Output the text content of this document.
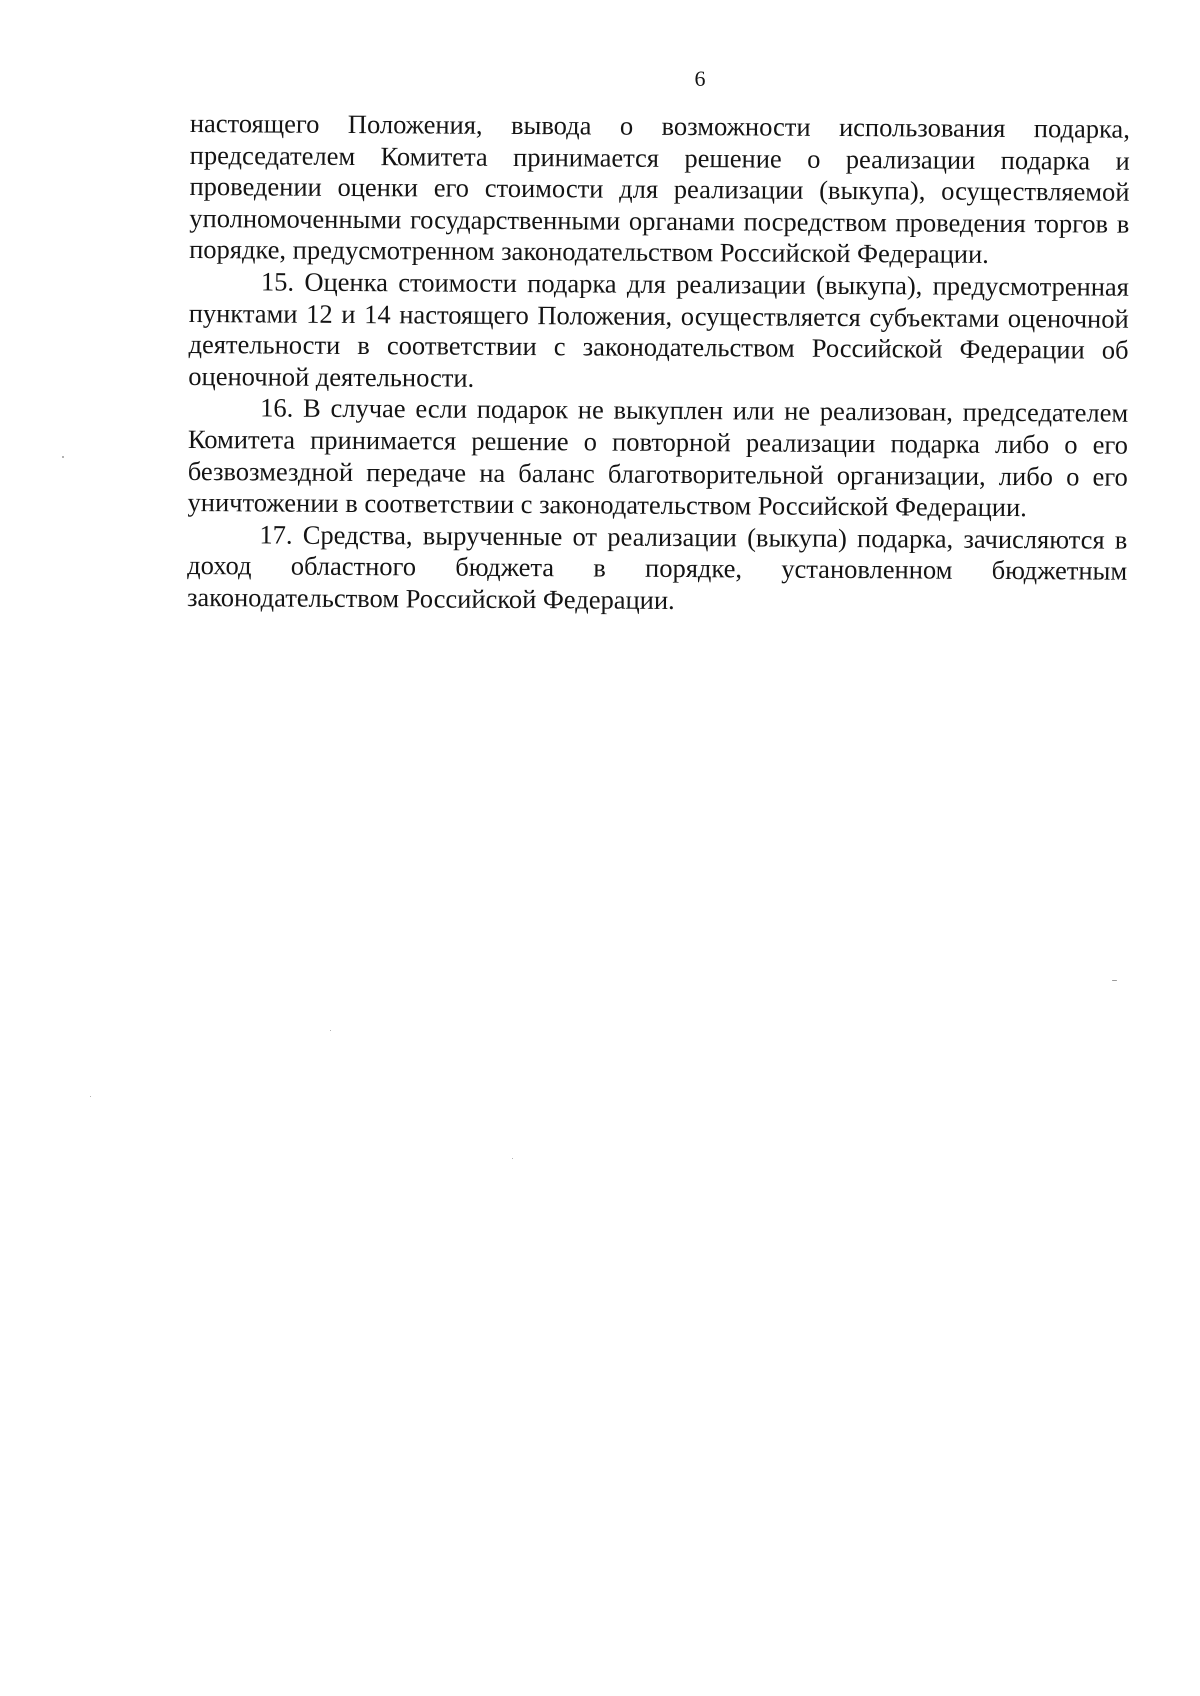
6

настоящего Положения, вывода о возможности использования подарка, председателем Комитета принимается решение о реализации подарка и проведении оценки его стоимости для реализации (выкупа), осуществляемой уполномоченными государственными органами посредством проведения торгов в порядке, предусмотренном законодательством Российской Федерации.

15. Оценка стоимости подарка для реализации (выкупа), предусмотренная пунктами 12 и 14 настоящего Положения, осуществляется субъектами оценочной деятельности в соответствии с законодательством Российской Федерации об оценочной деятельности.

16. В случае если подарок не выкуплен или не реализован, председателем Комитета принимается решение о повторной реализации подарка либо о его безвозмездной передаче на баланс благотворительной организации, либо о его уничтожении в соответствии с законодательством Российской Федерации.

17. Средства, вырученные от реализации (выкупа) подарка, зачисляются в доход областного бюджета в порядке, установленном бюджетным законодательством Российской Федерации.
